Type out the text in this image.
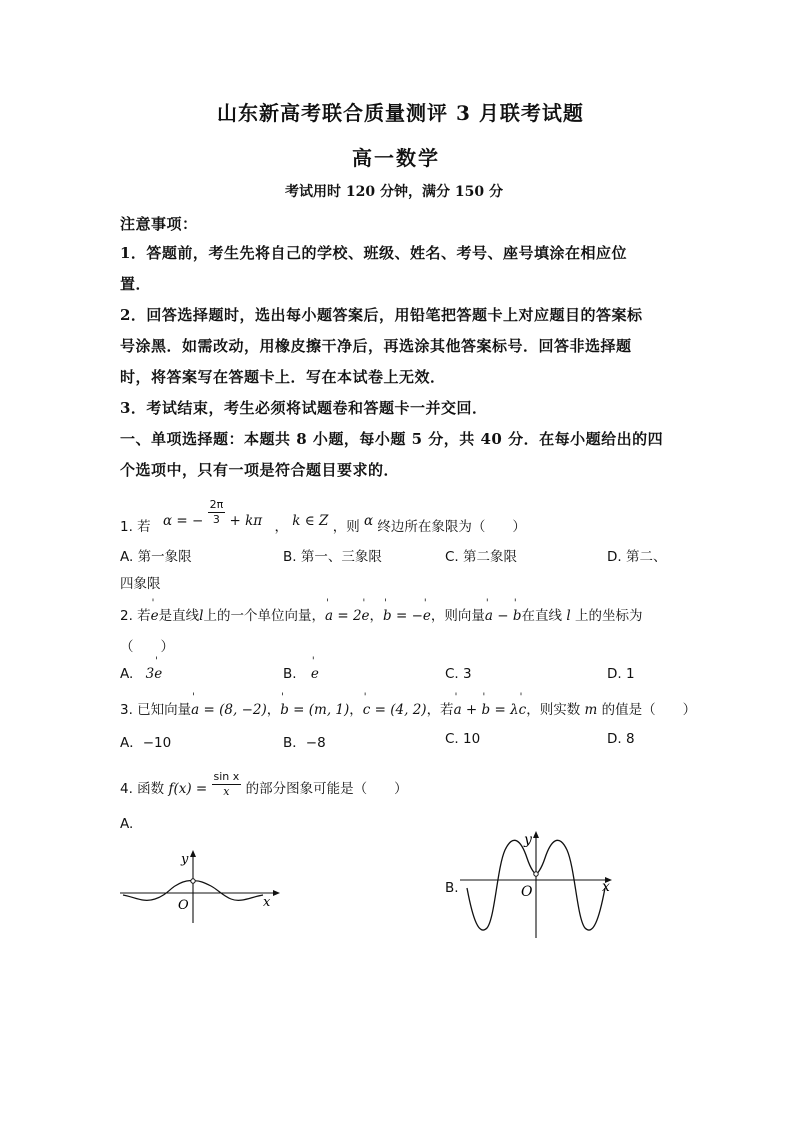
山东新高考联合质量测评 3 月联考试题
高一数学
考试用时 120 分钟，满分 150 分
注意事项：
1．答题前，考生先将自己的学校、班级、姓名、考号、座号填涂在相应位
置．
2．回答选择题时，选出每小题答案后，用铅笔把答题卡上对应题目的答案标
号涂黑．如需改动，用橡皮擦干净后，再选涂其他答案标号．回答非选择题
时，将答案写在答题卡上．写在本试卷上无效．
3．考试结束，考生必须将试题卷和答题卡一并交回．
一、单项选择题：本题共 8 小题，每小题 5 分，共 40 分．在每小题给出的四
个选项中，只有一项是符合题目要求的．
1. 若 α = − $\frac{2\pi}{3} + k\pi$ ， k ∈ Z ，则 α 终边所在象限为（　　）
A. 第一象限	B. 第一、三象限	C. 第二象限	D. 第二、
四象限
2. 若' e是直线l上的一个单位向量，' a = 2' e，' b = −' e，则向量' a − ' b在直线 l 上的坐标为
（　　）
A. 3' e	B. ' e	C. 3	D. 1
3. 已知向量' a = (8, −2)，' b = (m, 1)，' c = (4, 2)，若' a + ' b = λ' c，则实数 m 的值是（　　）
A．−10	B．−8	C. 10	D. 8
4. 函数 $f(x) = \frac{\text{sin x}}{x}$ 的部分图象可能是（　　）
A.
B.
y
x
O
y
x
O
